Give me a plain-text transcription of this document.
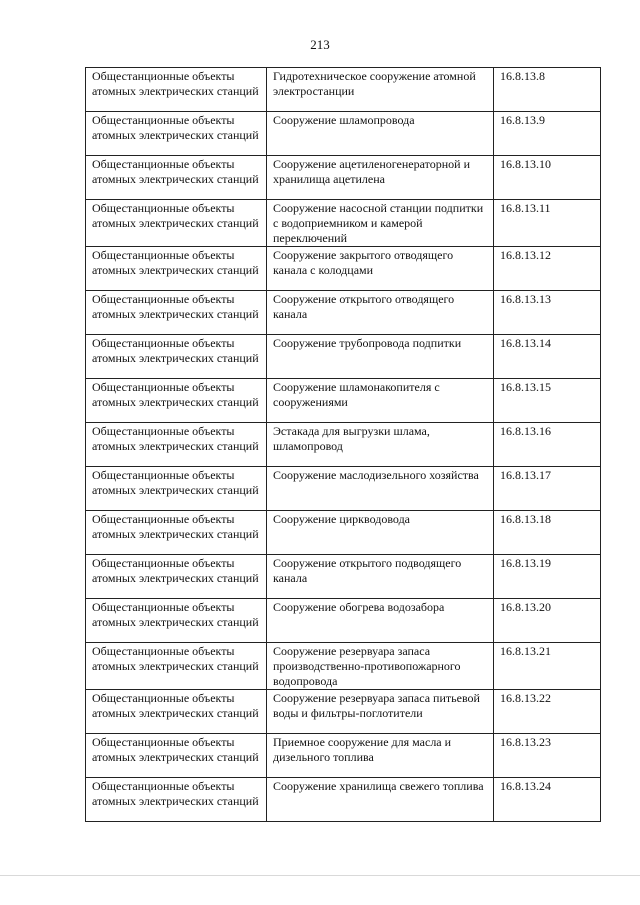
213
Общестанционные объекты атомных электрических станций	Гидротехническое сооружение атомной электростанции	16.8.13.8
Общестанционные объекты атомных электрических станций	Сооружение шламопровода	16.8.13.9
Общестанционные объекты атомных электрических станций	Сооружение ацетиленогенераторной и хранилища ацетилена	16.8.13.10
Общестанционные объекты атомных электрических станций	Сооружение насосной станции подпитки с водоприемником и камерой переключений	16.8.13.11
Общестанционные объекты атомных электрических станций	Сооружение закрытого отводящего канала с колодцами	16.8.13.12
Общестанционные объекты атомных электрических станций	Сооружение открытого отводящего канала	16.8.13.13
Общестанционные объекты атомных электрических станций	Сооружение трубопровода подпитки	16.8.13.14
Общестанционные объекты атомных электрических станций	Сооружение шламонакопителя с сооружениями	16.8.13.15
Общестанционные объекты атомных электрических станций	Эстакада для выгрузки шлама, шламопровод	16.8.13.16
Общестанционные объекты атомных электрических станций	Сооружение маслодизельного хозяйства	16.8.13.17
Общестанционные объекты атомных электрических станций	Сооружение циркводовода	16.8.13.18
Общестанционные объекты атомных электрических станций	Сооружение открытого подводящего канала	16.8.13.19
Общестанционные объекты атомных электрических станций	Сооружение обогрева водозабора	16.8.13.20
Общестанционные объекты атомных электрических станций	Сооружение резервуара запаса производственно-противопожарного водопровода	16.8.13.21
Общестанционные объекты атомных электрических станций	Сооружение резервуара запаса питьевой воды и фильтры-поглотители	16.8.13.22
Общестанционные объекты атомных электрических станций	Приемное сооружение для масла и дизельного топлива	16.8.13.23
Общестанционные объекты атомных электрических станций	Сооружение хранилища свежего топлива	16.8.13.24
